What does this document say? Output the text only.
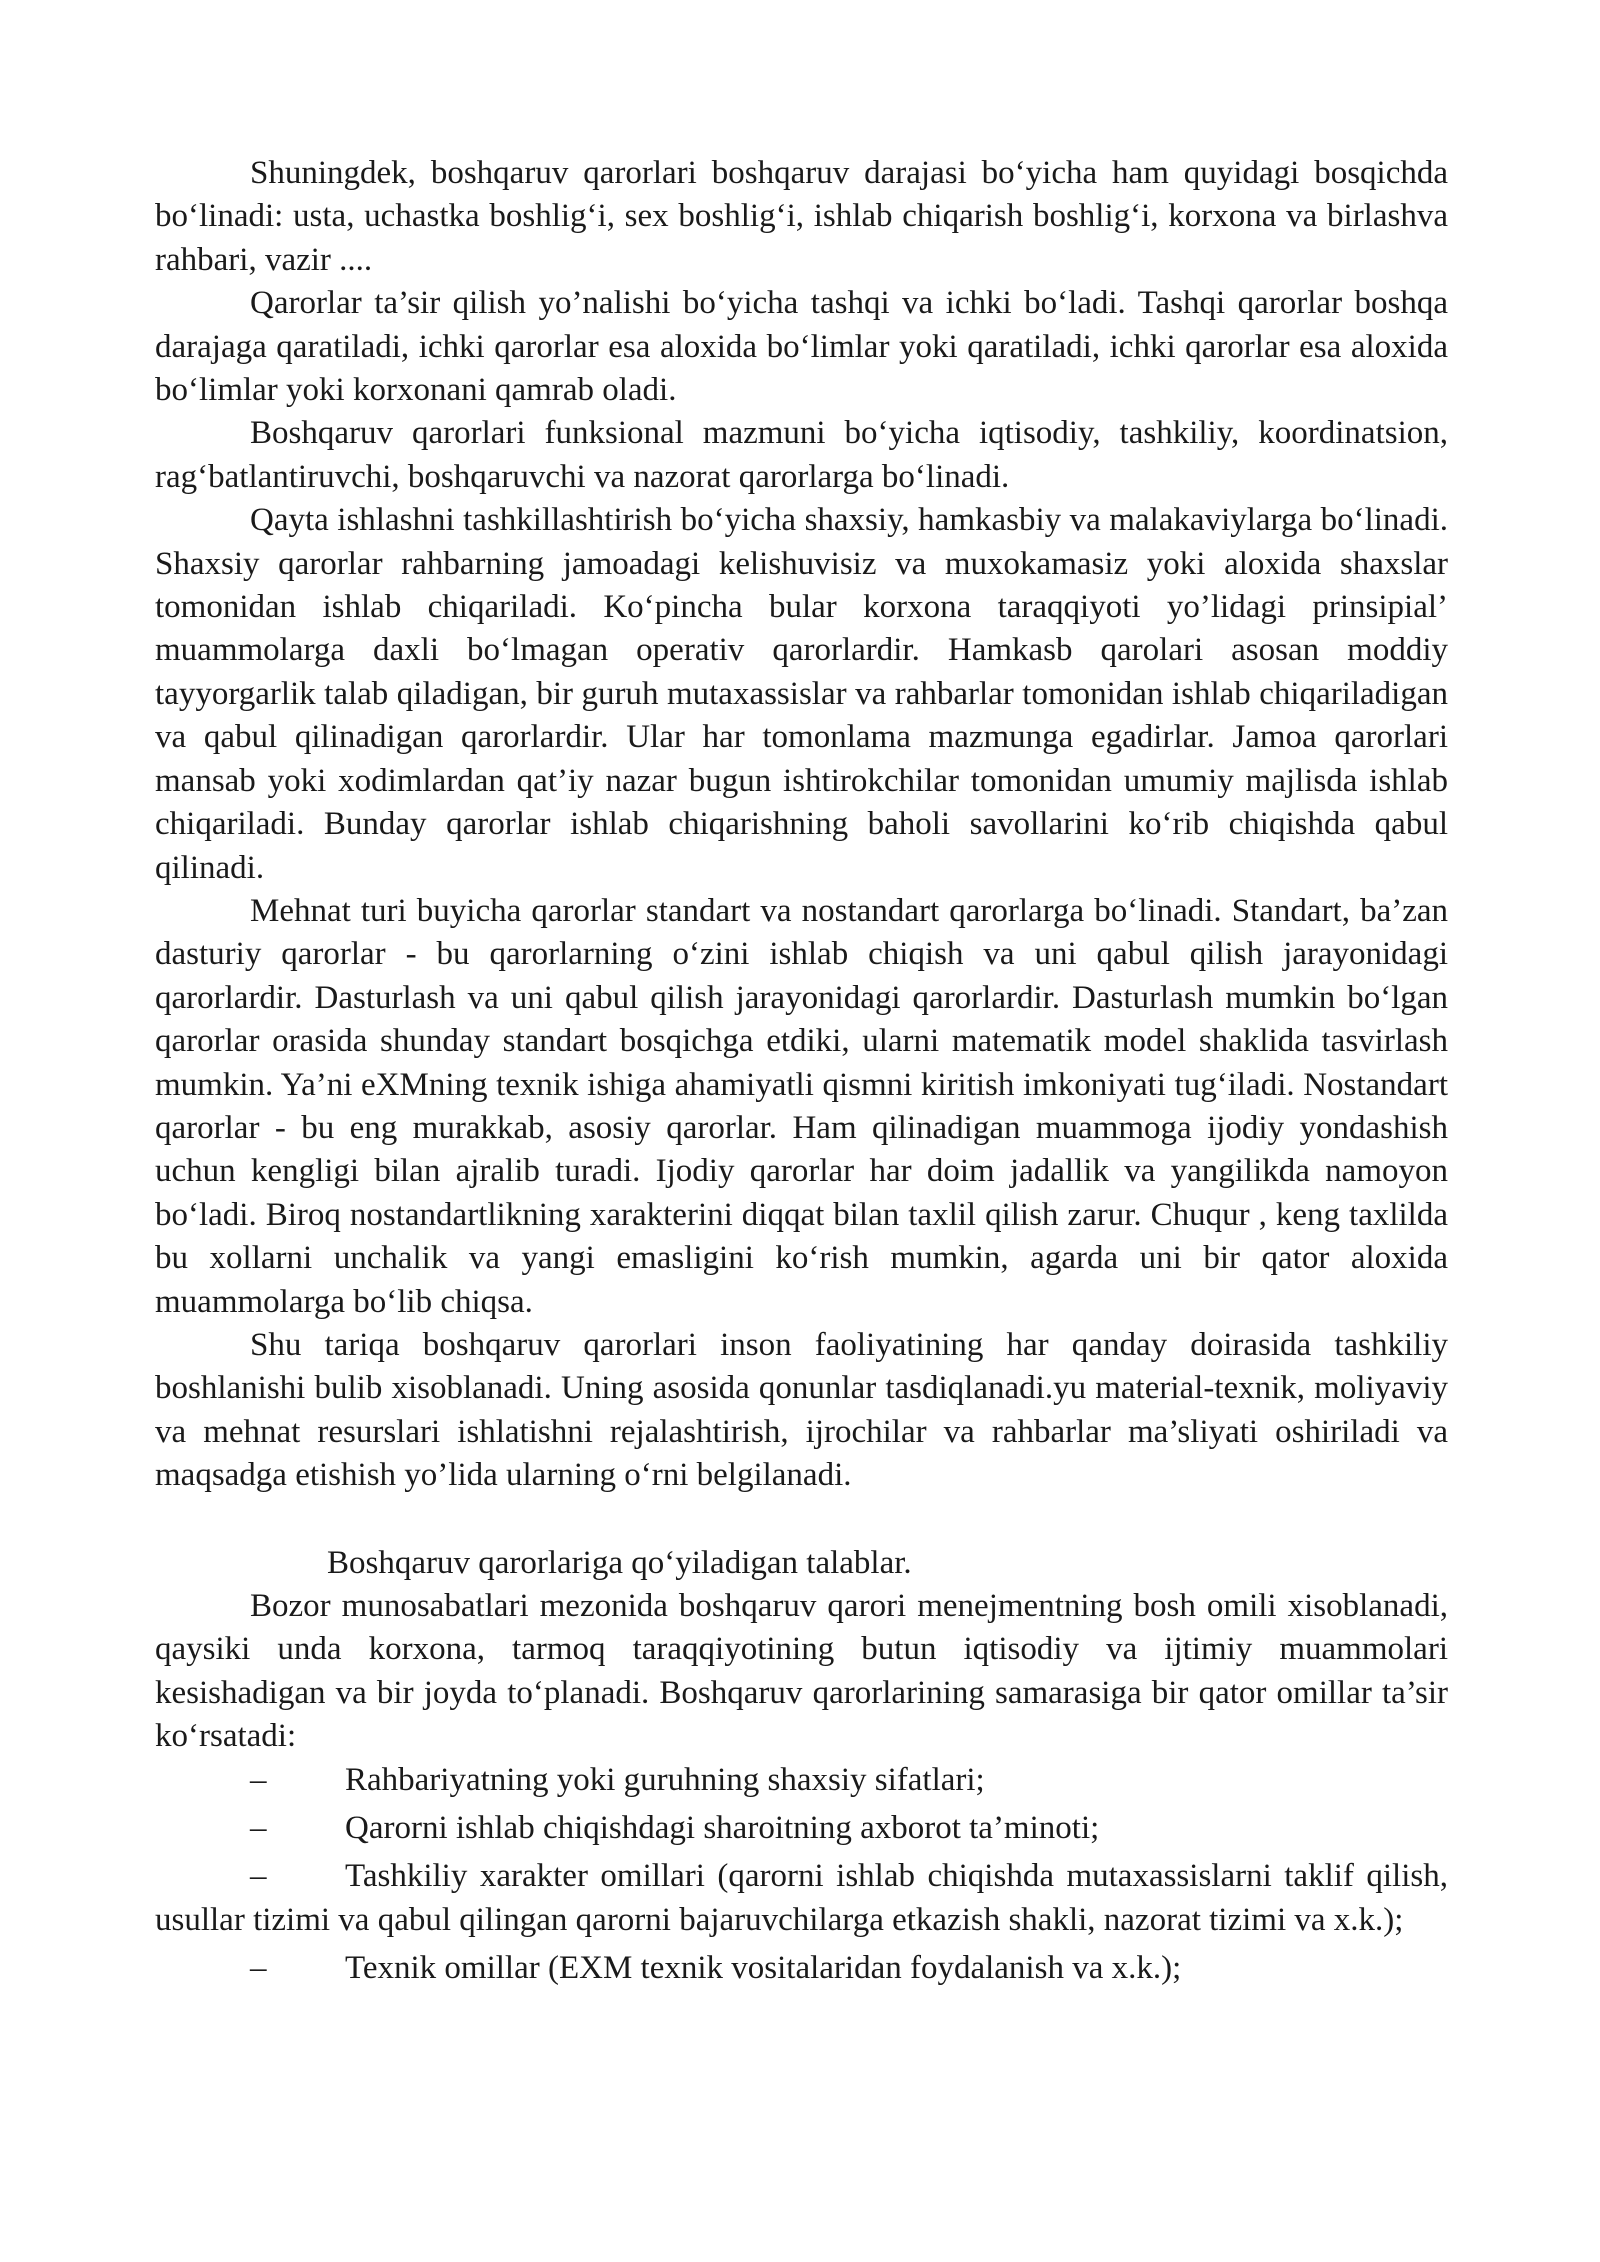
Shuningdek, boshqaruv qarorlari boshqaruv darajasi bo‘yicha ham quyidagi bosqichda bo‘linadi: usta, uchastka boshlig‘i, sex boshlig‘i, ishlab chiqarish boshlig‘i, korxona va birlashva rahbari, vazir ....

Qarorlar ta’sir qilish yo’nalishi bo‘yicha tashqi va ichki bo‘ladi. Tashqi qarorlar boshqa darajaga qaratiladi, ichki qarorlar esa aloxida bo‘limlar yoki qaratiladi, ichki qarorlar esa aloxida bo‘limlar yoki korxonani qamrab oladi.

Boshqaruv qarorlari funksional mazmuni bo‘yicha iqtisodiy, tashkiliy, koordinatsion, rag‘batlantiruvchi, boshqaruvchi va nazorat qarorlarga bo‘linadi.

Qayta ishlashni tashkillashtirish bo‘yicha shaxsiy, hamkasbiy va malakaviylarga bo‘linadi. Shaxsiy qarorlar rahbarning jamoadagi kelishuvisiz va muxokamasiz yoki aloxida shaxslar tomonidan ishlab chiqariladi. Ko‘pincha bular korxona taraqqiyoti yo’lidagi prinsipial’ muammolarga daxli bo‘lmagan operativ qarorlardir. Hamkasb qarolari asosan moddiy tayyorgarlik talab qiladigan, bir guruh mutaxassislar va rahbarlar tomonidan ishlab chiqariladigan va qabul qilinadigan qarorlardir. Ular har tomonlama mazmunga egadirlar. Jamoa qarorlari mansab yoki xodimlardan qat’iy nazar bugun ishtirokchilar tomonidan umumiy majlisda ishlab chiqariladi. Bunday qarorlar ishlab chiqarishning baholi savollarini ko‘rib chiqishda qabul qilinadi.

Mehnat turi buyicha qarorlar standart va nostandart qarorlarga bo‘linadi. Standart, ba’zan dasturiy qarorlar - bu qarorlarning o‘zini ishlab chiqish va uni qabul qilish jarayonidagi qarorlardir. Dasturlash va uni qabul qilish jarayonidagi qarorlardir. Dasturlash mumkin bo‘lgan qarorlar orasida shunday standart bosqichga etdiki, ularni matematik model shaklida tasvirlash mumkin. Ya’ni eXMning texnik ishiga ahamiyatli qismni kiritish imkoniyati tug‘iladi. Nostandart qarorlar - bu eng murakkab, asosiy qarorlar. Ham qilinadigan muammoga ijodiy yondashish uchun kengligi bilan ajralib turadi. Ijodiy qarorlar har doim jadallik va yangilikda namoyon bo‘ladi. Biroq nostandartlikning xarakterini diqqat bilan taxlil qilish zarur. Chuqur , keng taxlilda bu xollarni unchalik va yangi emasligini ko‘rish mumkin, agarda uni bir qator aloxida muammolarga bo‘lib chiqsa.

Shu tariqa boshqaruv qarorlari inson faoliyatining har qanday doirasida tashkiliy boshlanishi bulib xisoblanadi. Uning asosida qonunlar tasdiqlanadi.yu material-texnik, moliyaviy va mehnat resurslari ishlatishni rejalashtirish, ijrochilar va rahbarlar ma’sliyati oshiriladi va maqsadga etishish yo’lida ularning o‘rni belgilanadi.

Boshqaruv qarorlariga qo‘yiladigan talablar.

Bozor munosabatlari mezonida boshqaruv qarori menejmentning bosh omili xisoblanadi, qaysiki unda korxona, tarmoq taraqqiyotining butun iqtisodiy va ijtimiy muammolari kesishadigan va bir joyda to‘planadi. Boshqaruv qarorlarining samarasiga bir qator omillar ta’sir ko‘rsatadi:

– Rahbariyatning yoki guruhning shaxsiy sifatlari;

– Qarorni ishlab chiqishdagi sharoitning axborot ta’minoti;

– Tashkiliy xarakter omillari (qarorni ishlab chiqishda mutaxassislarni taklif qilish, usullar tizimi va qabul qilingan qarorni bajaruvchilarga etkazish shakli, nazorat tizimi va x.k.);

– Texnik omillar (EXM texnik vositalaridan foydalanish va x.k.);
